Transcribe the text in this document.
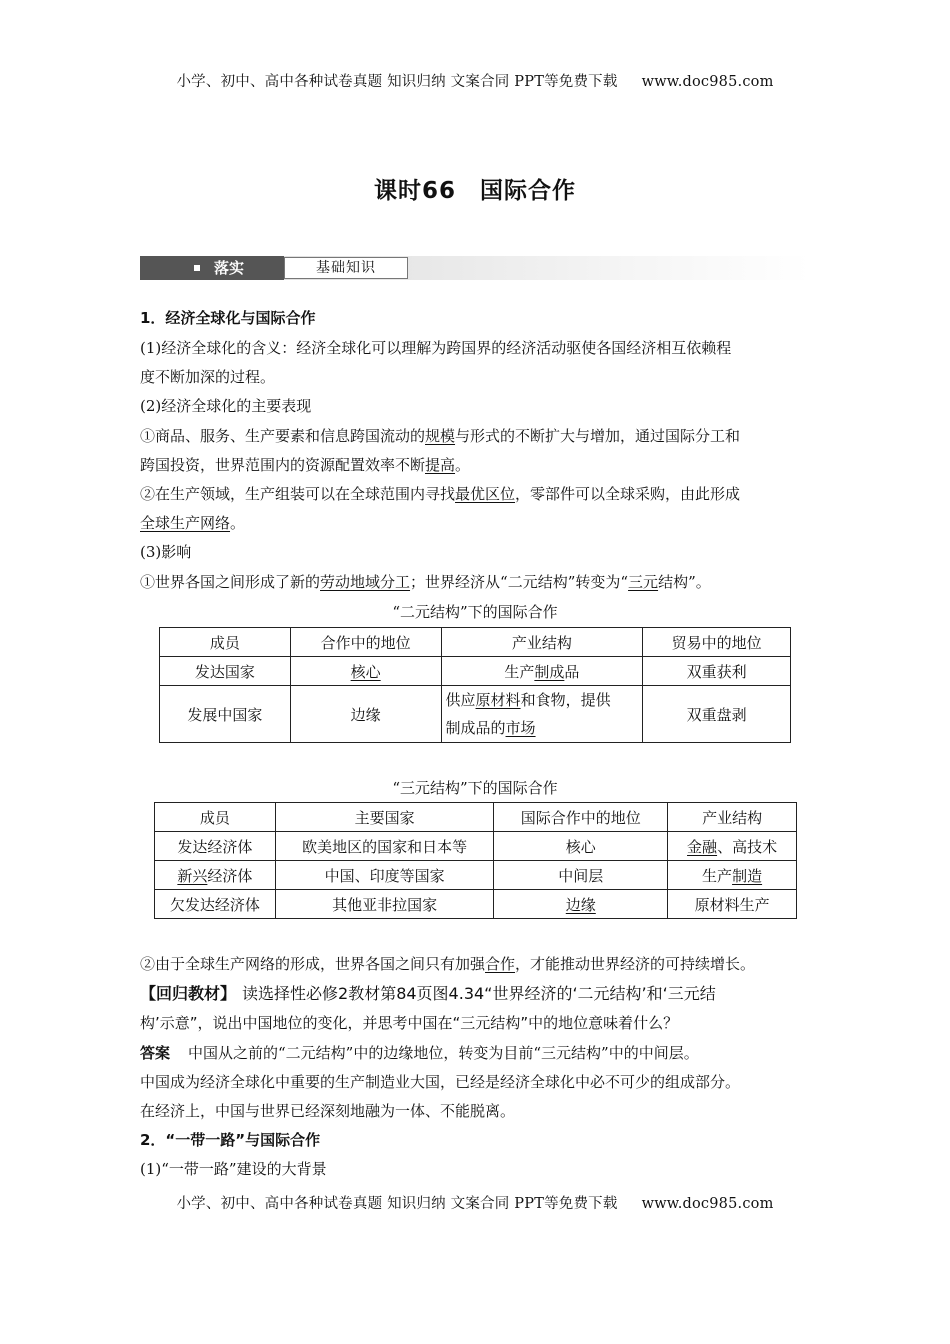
小学、初中、高中各种试卷真题 知识归纳 文案合同 PPT等免费下载 www.doc985.com
课时66　国际合作
落实	基础知识
1．经济全球化与国际合作
(1)经济全球化的含义：经济全球化可以理解为跨国界的经济活动驱使各国经济相互依赖程
度不断加深的过程。
(2)经济全球化的主要表现
①商品、服务、生产要素和信息跨国流动的规模与形式的不断扩大与增加，通过国际分工和
跨国投资，世界范围内的资源配置效率不断提高。
②在生产领域，生产组装可以在全球范围内寻找最优区位，零部件可以全球采购，由此形成
全球生产网络。
(3)影响
①世界各国之间形成了新的劳动地域分工；世界经济从“二元结构”转变为“三元结构”。
“二元结构”下的国际合作
成员	合作中的地位	产业结构	贸易中的地位
发达国家	核心	生产制成品	双重获利
发展中国家	边缘	供应原材料和食物，提供
制成品的市场	双重盘剥
“三元结构”下的国际合作
成员	主要国家	国际合作中的地位	产业结构
发达经济体	欧美地区的国家和日本等	核心	金融、高技术
新兴经济体	中国、印度等国家	中间层	生产制造
欠发达经济体	其他亚非拉国家	边缘	原材料生产
②由于全球生产网络的形成，世界各国之间只有加强合作，才能推动世界经济的可持续增长。
【回归教材】 读选择性必修2教材第84页图4.34“世界经济的‘二元结构’和‘三元结
构’示意”，说出中国地位的变化，并思考中国在“三元结构”中的地位意味着什么？
答案 中国从之前的“二元结构”中的边缘地位，转变为目前“三元结构”中的中间层。
中国成为经济全球化中重要的生产制造业大国，已经是经济全球化中必不可少的组成部分。
在经济上，中国与世界已经深刻地融为一体、不能脱离。
2．“一带一路”与国际合作
(1)“一带一路”建设的大背景
小学、初中、高中各种试卷真题 知识归纳 文案合同 PPT等免费下载 www.doc985.com
